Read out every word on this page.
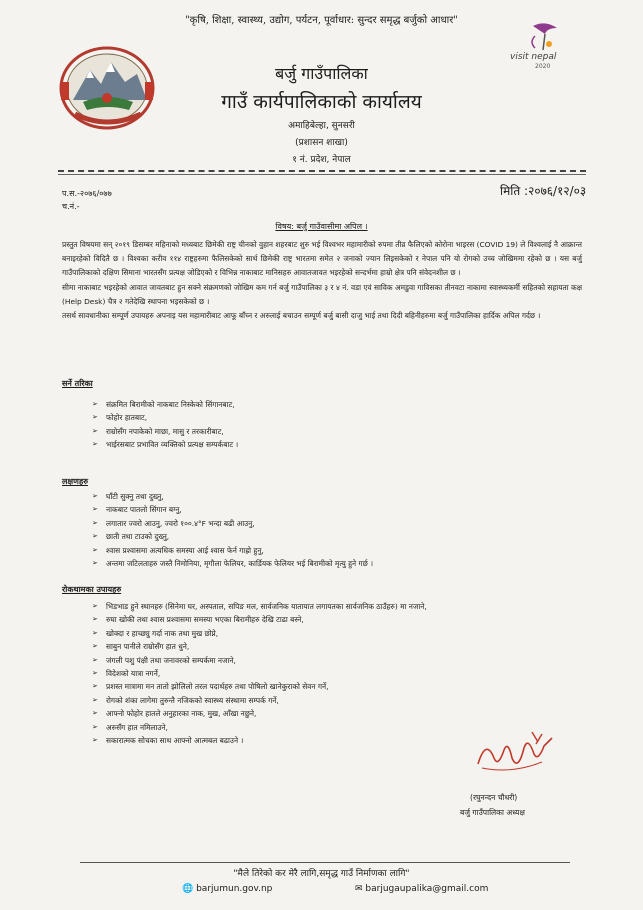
"कृषि, शिक्षा, स्वास्थ्य, उद्योग, पर्यटन, पूर्वाधार: सुन्दर समृद्ध बर्जुको आधार"
visit nepal
2020
बर्जु गाउँपालिका
गाउँ कार्यपालिकाको कार्यालय
अमाहिबेल्हा, सुनसरी
(प्रशासन शाखा)
१ नं. प्रदेश, नेपाल
प.स.-२०७६/०७७
च.नं.-
मिति :२०७६/१२/०३
विषय: बर्जु गाउँवासीमा अपिल ।

प्रस्तुत विषयमा सन् २०१९ डिसम्बर महिनाको मध्यबाट छिमेकी राष्ट्र चीनको वुहान शहरबाट शुरु भई विश्वभर महामारीको रुपमा तीव्र फैलिएको कोरोना भाइरस (COVID 19) ले विश्वलाई नै आक्रान्त बनाइरहेको विदितै छ । विश्वका करीव ११४ राष्ट्रहरुमा फैलिसकेको सार्थ छिमेकी राष्ट्र भारतमा समेत २ जनाको ज्यान लिइसकेको र नेपाल पनि यो रोगको उच्च जोखिममा रहेको छ । यस बर्जु गाउँपालिकाको दक्षिण सिमाना भारतसँग प्रत्यक्ष जोडिएको र विभिन्न नाकाबाट मानिसहरु आवातजावत भइरहेको सन्दर्भमा हाम्रो क्षेत्र पनि संवेदनशील छ ।

सीमा नाकाबाट भइरहेको आवात जावतबाट हुन सक्ने संक्रमणको जोखिम कम गर्न बर्जु गाउँपालिका ३ र ४ नं. वडा एवं साविक अमडुवा गाविसका तीनवटा नाकामा स्वास्थ्यकर्मी सहितको सहायता कक्ष (Help Desk) चैत्र २ गतेदेखि स्थापना भइसकेको छ ।

तसर्थ सावधानीका सम्पूर्ण उपायहरु अपनाइ यस महामारीबाट आफू बाँच्न र अरुलाई बचाउन सम्पूर्ण बर्जु बासी दाजु भाई तथा दिदी बहिनीहरुमा बर्जु गाउँपालिका हार्दिक अपिल गर्दछ ।

सर्ने तरिका
➢ संक्रमित बिरामीको नाकबाट निस्केको सिंगानबाट,
➢ फोहोर हातबाट,
➢ राम्रोसँग नपाकेको माछा, मासु र तरकारीबाट,
➢ भाईरसबाट प्रभावित व्यक्तिको प्रत्यक्ष सम्पर्कबाट ।
लक्षणहरु
➢ घाँटी सुक्नु तथा दुख्नु,
➢ नाकबाट पातलो सिंगान बग्नु,
➢ लगातार ज्वरो आउनु, ज्वरो १००.४°F भन्दा बढी आउनु,
➢ छाती तथा टाउको दुख्नु,
➢ श्वास प्रश्वासमा अत्यधिक समस्या आई श्वास फेर्न गाह्रो हुनु,
➢ अन्तमा जटिलताहरु जस्तै निमोनिया, मृगौला फेलियर, कार्डियक फेलियर भई बिरामीको मृत्यु हुने गर्छ ।
रोकथामका उपायहरु
➢ भिडभाड हुने स्थानहरु (सिनेमा घर, अस्पताल, सपिङ मल, सार्वजनिक यातायात लगायतका सार्वजनिक ठाउँहरु) मा नजाने,
➢ रुघा खोकी तथा श्वास प्रश्वासमा समस्या भएका बिरामीहरु देखि टाढा बस्ने,
➢ खोक्दा र हाच्छ्यु गर्दा नाक तथा मुख छोप्ने,
➢ साबुन पानीले राम्रोसँग हात धुने,
➢ जंगली पशु पंक्षी तथा जनावरको सम्पर्कमा नजाने,
➢ विदेशको यात्रा नगर्ने,
➢ प्रशस्त मात्रामा मन तातो झोलिलो तरल पदार्थहरु तथा पोषिलो खानेकुराको सेवन गर्ने,
➢ रोगको शंका लागेमा तुरुन्तै नजिकको स्वास्थ्य संस्थामा सम्पर्क गर्ने,
➢ आफ्नो फोहोर हातले अनुहारका नाक, मुख, आँखा नछुने,
➢ अरुसँग हात नमिलाउने,
➢ सकारात्मक सोचका साथ आफ्नो आत्मबल बढाउने ।
(रघुनन्दन चौधरी)
बर्जु गाउँपालिका अध्यक्ष
"मैले तिरेको कर मेरै लागि,समृद्ध गाउँ निर्माणका लागि"
🌐 barjumun.gov.np	✉ barjugaupalika@gmail.com
